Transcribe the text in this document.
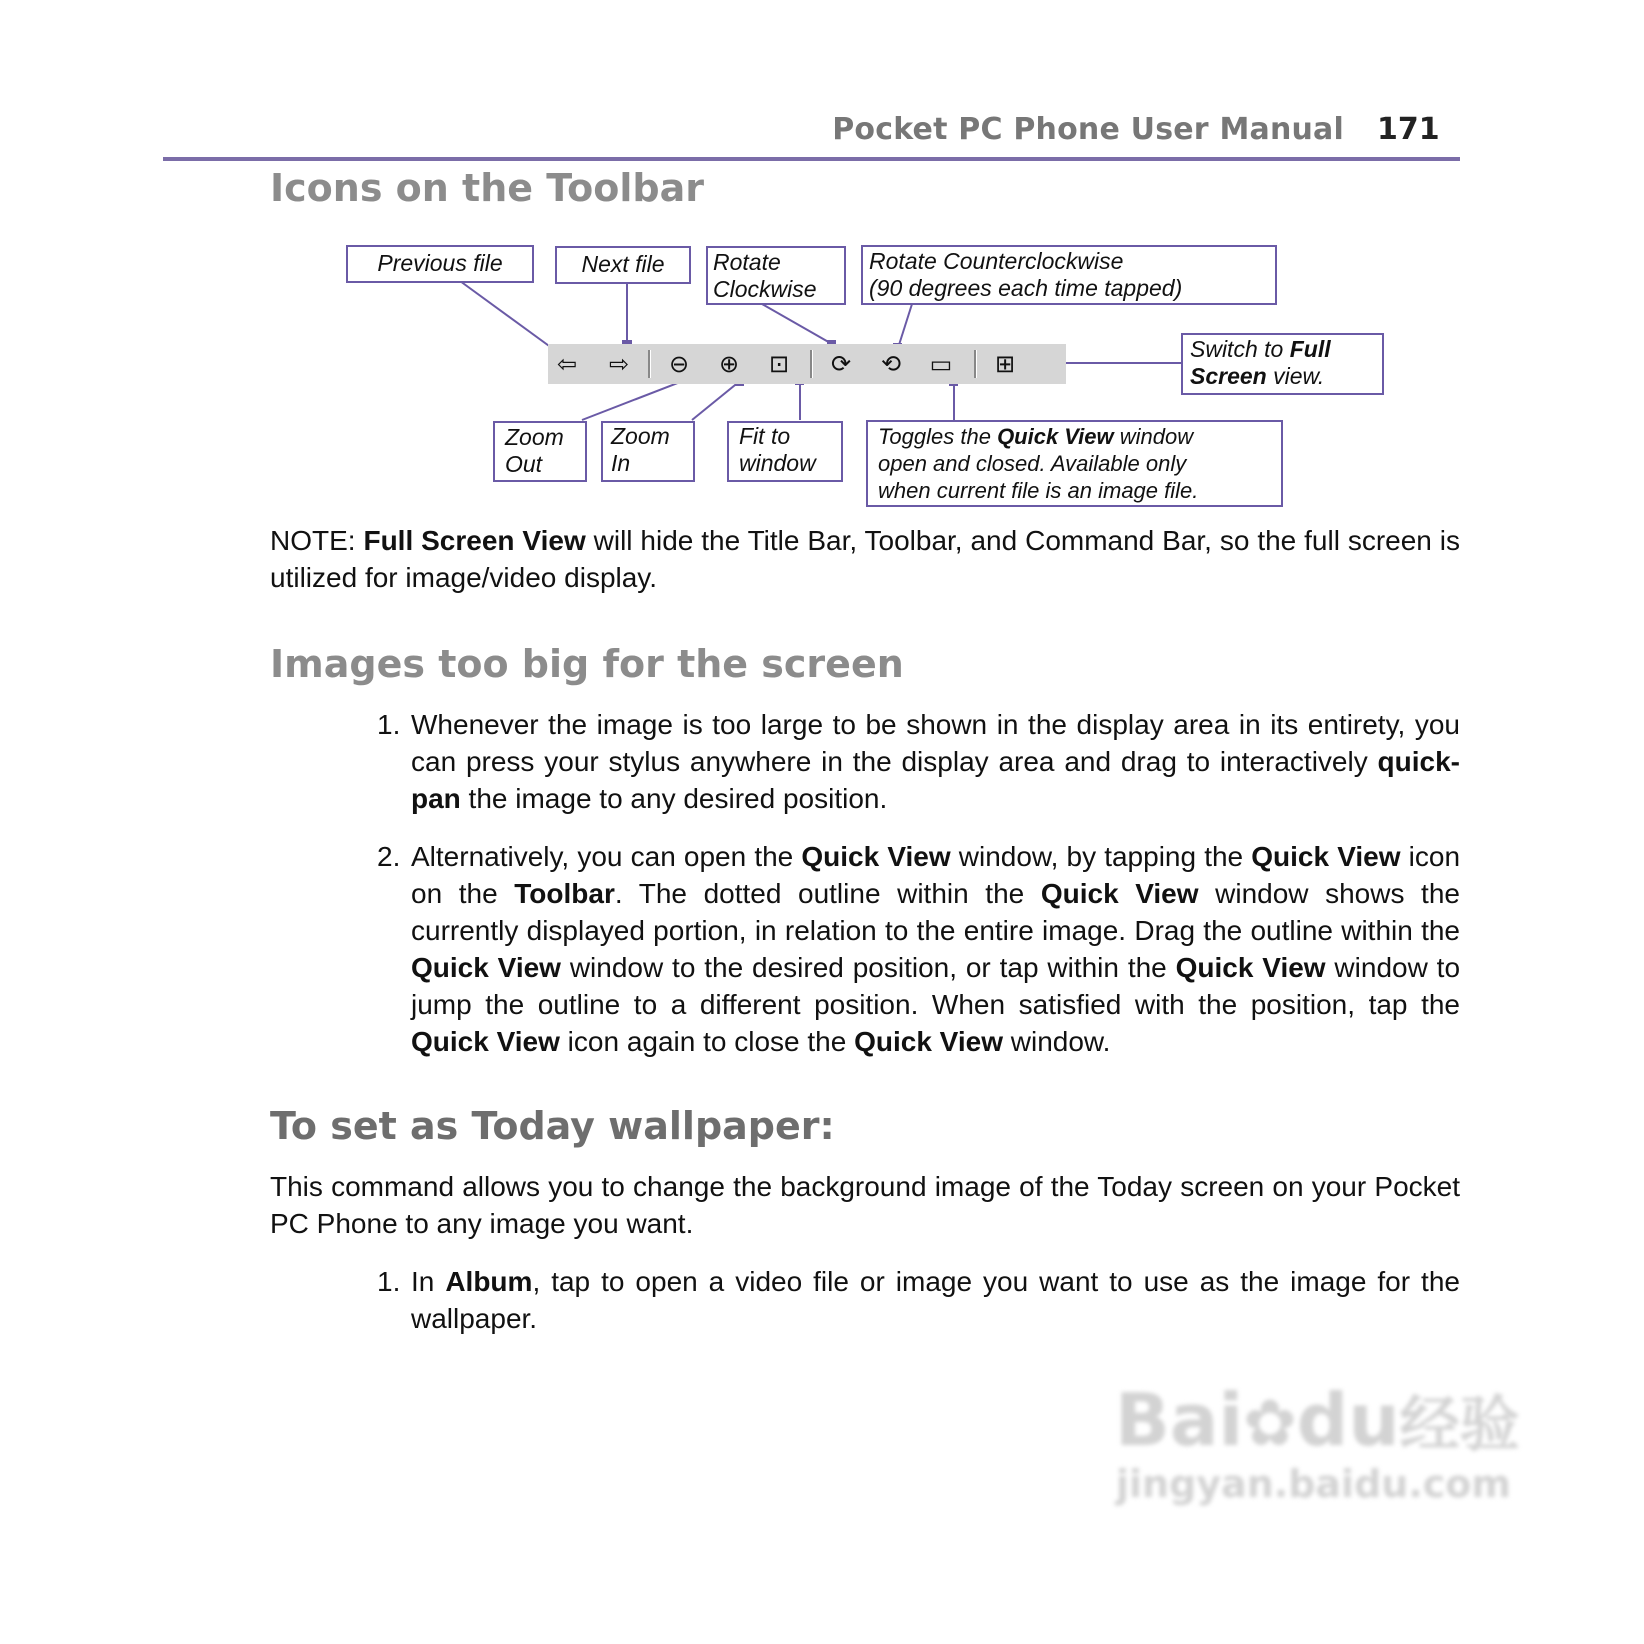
Pocket PC Phone User Manual 171
Icons on the Toolbar
⇦ ⇨ ⊖ ⊕ ⊡ ⟳ ⟲ ▭ ⊞
Previous file	Next file	Rotate
Clockwise
Rotate Counterclockwise
(90 degrees each time tapped)
Switch to Full
Screen view.
Zoom
Out
Zoom
In
Fit to
window
Toggles the Quick View window
open and closed. Available only
when current file is an image file.

NOTE: Full Screen View will hide the Title Bar, Toolbar, and Command Bar, so the full screen is utilized for image/video display.

Images too big for the screen
1. Whenever the image is too large to be shown in the display area in its entirety, you can press your stylus anywhere in the display area and drag to interactively quick-pan the image to any desired position.
2. Alternatively, you can open the Quick View window, by tapping the Quick View icon on the Toolbar. The dotted outline within the Quick View window shows the currently displayed portion, in relation to the entire image. Drag the outline within the Quick View window to the desired position, or tap within the Quick View window to jump the outline to a different position. When satisfied with the position, tap the Quick View icon again to close the Quick View window.
To set as Today wallpaper:

This command allows you to change the background image of the Today screen on your Pocket PC Phone to any image you want.

1. In Album, tap to open a video file or image you want to use as the image for the wallpaper.
Bai✿du经验
jingyan.baidu.com
